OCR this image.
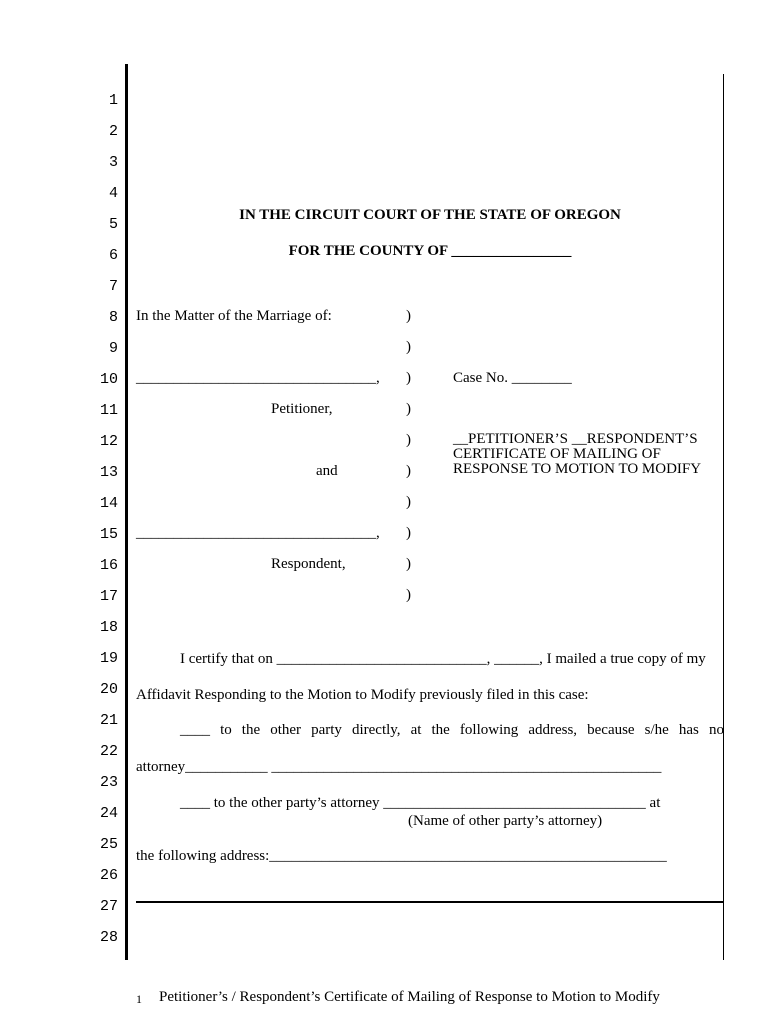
1
2
3
4
5
6
7
8
9
10
11
12
13
14
15
16
17
18
19
20
21
22
23
24
25
26
27
28
IN THE CIRCUIT COURT OF THE STATE OF OREGON
FOR THE COUNTY OF ________________
In the Matter of the Marriage of:
________________________________,
Petitioner,
and
________________________________,
Respondent,
)
)
)
)
)
)
)
)
)
)
Case No. ________
__PETITIONER’S __RESPONDENT’S
CERTIFICATE OF MAILING OF
RESPONSE TO MOTION TO MODIFY
I certify that on ____________________________, ______, I mailed a true copy of my
Affidavit Responding to the Motion to Modify previously filed in this case:
____ to the other party directly, at the following address, because s/he has no
attorney___________ ____________________________________________________
____ to the other party’s attorney ___________________________________ at
(Name of other party’s attorney)
the following address:_____________________________________________________
1 Petitioner’s / Respondent’s Certificate of Mailing of Response to Motion to Modify
